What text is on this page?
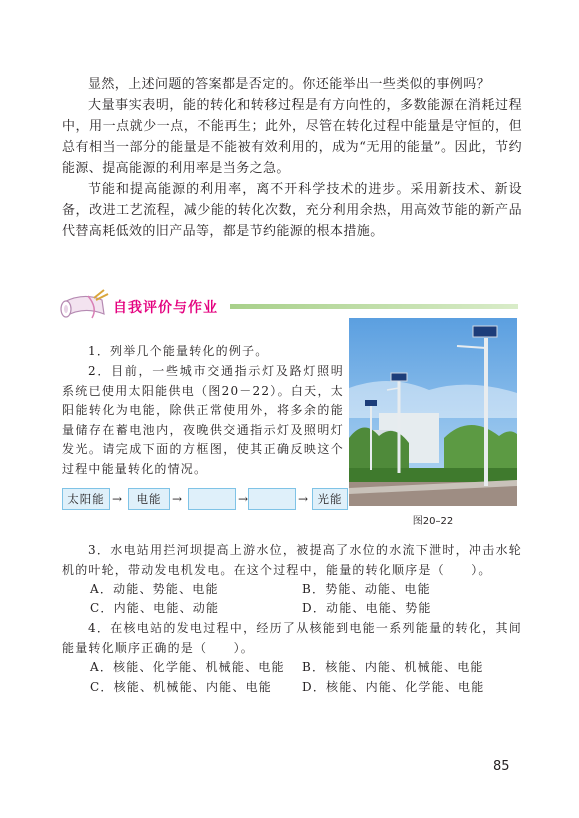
显然，上述问题的答案都是否定的。你还能举出一些类似的事例吗？

大量事实表明，能的转化和转移过程是有方向性的，多数能源在消耗过程中，用一点就少一点，不能再生；此外，尽管在转化过程中能量是守恒的，但总有相当一部分的能量是不能被有效利用的，成为“无用的能量”。因此，节约能源、提高能源的利用率是当务之急。

节能和提高能源的利用率，离不开科学技术的进步。采用新技术、新设备，改进工艺流程，减少能的转化次数，充分利用余热，用高效节能的新产品代替高耗低效的旧产品等，都是节约能源的根本措施。

自我评价与作业

1．列举几个能量转化的例子。

2．目前，一些城市交通指示灯及路灯照明系统已使用太阳能供电（图20－22）。白天，太阳能转化为电能，除供正常使用外，将多余的能量储存在蓄电池内，夜晚供交通指示灯及照明灯发光。请完成下面的方框图，使其正确反映这个过程中能量转化的情况。

太阳能 →	电能 →	→	→ 光能
图20–22

3．水电站用拦河坝提高上游水位，被提高了水位的水流下泄时，冲击水轮机的叶轮，带动发电机发电。在这个过程中，能量的转化顺序是（　　）。

A．动能、势能、电能	B．势能、动能、电能
C．内能、电能、动能	D．动能、电能、势能

4．在核电站的发电过程中，经历了从核能到电能一系列能量的转化，其间能量转化顺序正确的是（　　）。

A．核能、化学能、机械能、电能 B．核能、内能、机械能、电能
C．核能、机械能、内能、电能	D．核能、内能、化学能、电能
85
